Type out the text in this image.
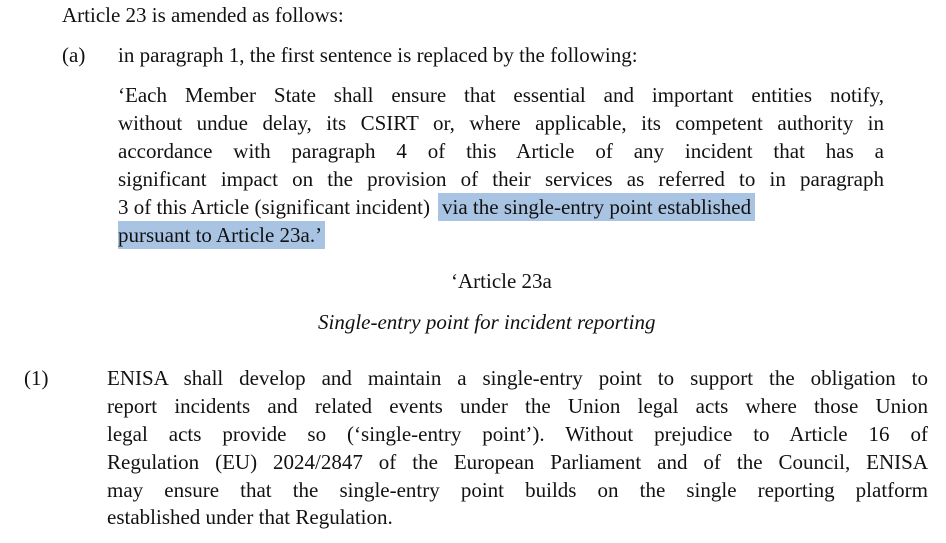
Article 23 is amended as follows:
(a) in paragraph 1, the first sentence is replaced by the following:
‘Each Member State shall ensure that essential and important entities notify,
without undue delay, its CSIRT or, where applicable, its competent authority in
accordance with paragraph 4 of this Article of any incident that has a
significant impact on the provision of their services as referred to in paragraph
3 of this Article (significant incident) via the single-entry point established
pursuant to Article 23a.’
‘Article 23a
Single-entry point for incident reporting
(1)	ENISA shall develop and maintain a single-entry point to support the obligation to
report incidents and related events under the Union legal acts where those Union
legal acts provide so (‘single-entry point’). Without prejudice to Article 16 of
Regulation (EU) 2024/2847 of the European Parliament and of the Council, ENISA
may ensure that the single-entry point builds on the single reporting platform
established under that Regulation.
